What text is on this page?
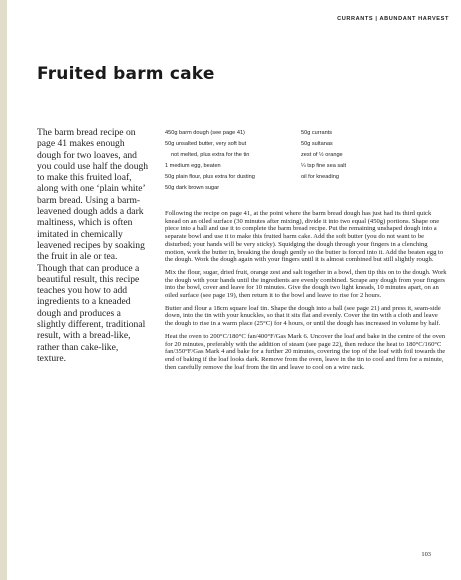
CURRANTS | ABUNDANT HARVEST
Fruited barm cake

The barm bread recipe on page 41 makes enough dough for two loaves, and you could use half the dough to make this fruited loaf, along with one ‘plain white’ barm bread. Using a barm-leavened dough adds a dark maltiness, which is often imitated in chemically leavened recipes by soaking the fruit in ale or tea. Though that can produce a beautiful result, this recipe teaches you how to add ingredients to a kneaded dough and produces a slightly different, traditional result, with a bread-like, rather than cake-like, texture.

450g barm dough (see page 41)
50g unsalted butter, very soft but
not melted, plus extra for the tin
1 medium egg, beaten
50g plain flour, plus extra for dusting
50g dark brown sugar
50g currants
50g sultanas
zest of ½ orange
¼ tsp fine sea salt
oil for kneading

Following the recipe on page 41, at the point where the barm bread dough has just had its third quick knead on an oiled surface (30 minutes after mixing), divide it into two equal (450g) portions. Shape one piece into a ball and use it to complete the barm bread recipe. Put the remaining unshaped dough into a separate bowl and use it to make this fruited barm cake. Add the soft butter (you do not want to be disturbed; your hands will be very sticky). Squidging the dough through your fingers in a clenching motion, work the butter in, breaking the dough gently so the butter is forced into it. Add the beaten egg to the dough. Work the dough again with your fingers until it is almost combined but still slightly rough.

Mix the flour, sugar, dried fruit, orange zest and salt together in a bowl, then tip this on to the dough. Work the dough with your hands until the ingredients are evenly combined. Scrape any dough from your fingers into the bowl, cover and leave for 10 minutes. Give the dough two light kneads, 10 minutes apart, on an oiled surface (see page 19), then return it to the bowl and leave to rise for 2 hours.

Butter and flour a 18cm square loaf tin. Shape the dough into a ball (see page 21) and press it, seam-side down, into the tin with your knuckles, so that it sits flat and evenly. Cover the tin with a cloth and leave the dough to rise in a warm place (25°C) for 4 hours, or until the dough has increased in volume by half.

Heat the oven to 200°C/180°C fan/400°F/Gas Mark 6. Uncover the loaf and bake in the centre of the oven for 20 minutes, preferably with the addition of steam (see page 22), then reduce the heat to 180°C/160°C fan/350°F/Gas Mark 4 and bake for a further 20 minutes, covering the top of the loaf with foil towards the end of baking if the loaf looks dark. Remove from the oven, leave in the tin to cool and firm for a minute, then carefully remove the loaf from the tin and leave to cool on a wire rack.

103
